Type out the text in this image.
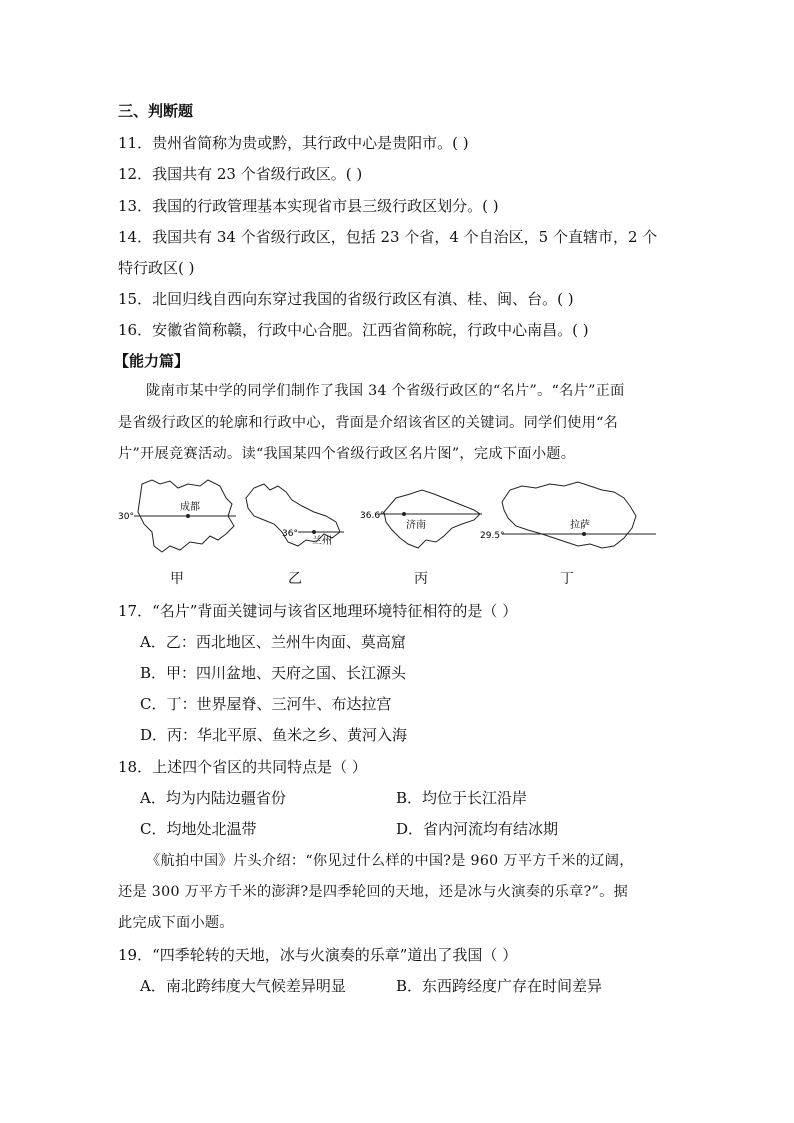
三、判断题
11．贵州省简称为贵或黔，其行政中心是贵阳市。( )
12．我国共有 23 个省级行政区。( )
13．我国的行政管理基本实现省市县三级行政区划分。( )
14．我国共有 34 个省级行政区，包括 23 个省，4 个自治区，5 个直辖市，2 个
特行政区( )
15．北回归线自西向东穿过我国的省级行政区有滇、桂、闽、台。( )
16．安徽省简称赣，行政中心合肥。江西省简称皖，行政中心南昌。( )
【能力篇】
陇南市某中学的同学们制作了我国 34 个省级行政区的“名片”。“名片”正面
是省级行政区的轮廓和行政中心，背面是介绍该省区的关键词。同学们使用“名
片”开展竞赛活动。读“我国某四个省级行政区名片图”，完成下面小题。
30°
成都
36°
兰州
36.6°
济南
29.5°
拉萨
甲	乙	丙	丁
17．“名片”背面关键词与该省区地理环境特征相符的是（ ）
A．乙：西北地区、兰州牛肉面、莫高窟
B．甲：四川盆地、天府之国、长江源头
C．丁：世界屋脊、三河牛、布达拉宫
D．丙：华北平原、鱼米之乡、黄河入海
18．上述四个省区的共同特点是（ ）
A．均为内陆边疆省份	B．均位于长江沿岸
C．均地处北温带	D．省内河流均有结冰期
《航拍中国》片头介绍：“你见过什么样的中国?是 960 万平方千米的辽阔，
还是 300 万平方千米的澎湃?是四季轮回的天地，还是冰与火演奏的乐章?”。据
此完成下面小题。
19．“四季轮转的天地，冰与火演奏的乐章”道出了我国（ ）
A．南北跨纬度大气候差异明显	B．东西跨经度广存在时间差异
